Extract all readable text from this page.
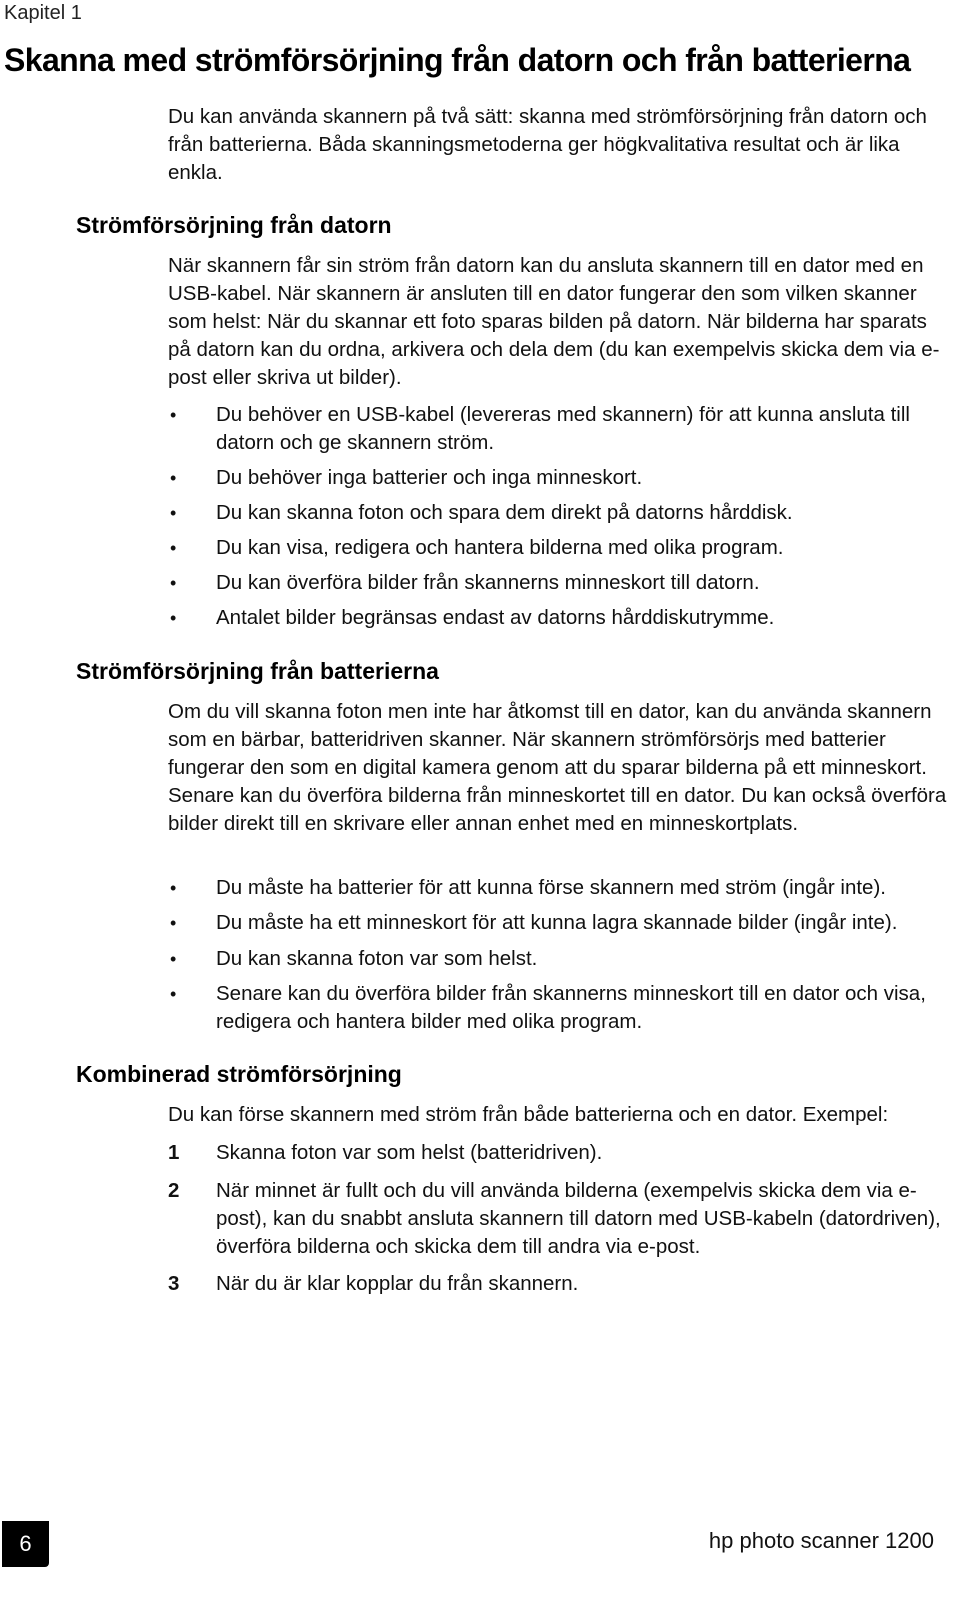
Kapitel 1
Skanna med strömförsörjning från datorn och från batterierna

Du kan använda skannern på två sätt: skanna med strömförsörjning från datorn och från batterierna. Båda skanningsmetoderna ger högkvalitativa resultat och är lika enkla.

Strömförsörjning från datorn

När skannern får sin ström från datorn kan du ansluta skannern till en dator med en USB-kabel. När skannern är ansluten till en dator fungerar den som vilken skanner som helst: När du skannar ett foto sparas bilden på datorn. När bilderna har sparats på datorn kan du ordna, arkivera och dela dem (du kan exempelvis skicka dem via e-post eller skriva ut bilder).

•	Du behöver en USB-kabel (levereras med skannern) för att kunna ansluta till datorn och ge skannern ström.
•	Du behöver inga batterier och inga minneskort.
•	Du kan skanna foton och spara dem direkt på datorns hårddisk.
•	Du kan visa, redigera och hantera bilderna med olika program.
•	Du kan överföra bilder från skannerns minneskort till datorn.
•	Antalet bilder begränsas endast av datorns hårddiskutrymme.
Strömförsörjning från batterierna

Om du vill skanna foton men inte har åtkomst till en dator, kan du använda skannern som en bärbar, batteridriven skanner. När skannern strömförsörjs med batterier fungerar den som en digital kamera genom att du sparar bilderna på ett minneskort. Senare kan du överföra bilderna från minneskortet till en dator. Du kan också överföra bilder direkt till en skrivare eller annan enhet med en minneskortplats.

•	Du måste ha batterier för att kunna förse skannern med ström (ingår inte).
•	Du måste ha ett minneskort för att kunna lagra skannade bilder (ingår inte).
•	Du kan skanna foton var som helst.
•	Senare kan du överföra bilder från skannerns minneskort till en dator och visa, redigera och hantera bilder med olika program.
Kombinerad strömförsörjning

Du kan förse skannern med ström från både batterierna och en dator. Exempel:

1	Skanna foton var som helst (batteridriven).
2	När minnet är fullt och du vill använda bilderna (exempelvis skicka dem via e-post), kan du snabbt ansluta skannern till datorn med USB-kabeln (datordriven), överföra bilderna och skicka dem till andra via e-post.
3	När du är klar kopplar du från skannern.
6	hp photo scanner 1200
